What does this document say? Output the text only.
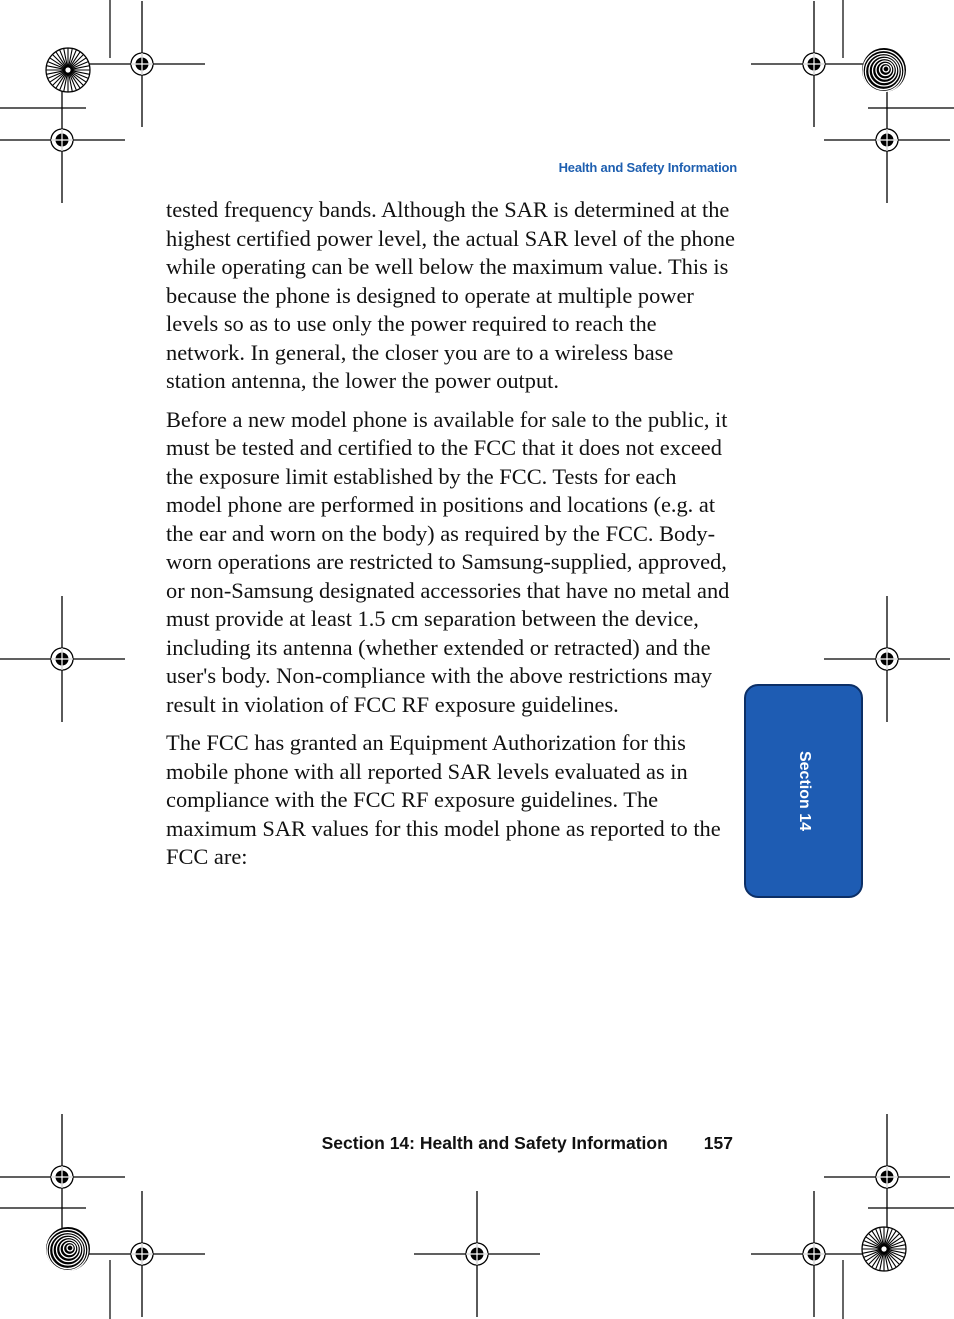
Health and Safety Information

tested frequency bands. Although the SAR is determined at the highest certified power level, the actual SAR level of the phone while operating can be well below the maximum value. This is because the phone is designed to operate at multiple power levels so as to use only the power required to reach the network. In general, the closer you are to a wireless base station antenna, the lower the power output.

Before a new model phone is available for sale to the public, it must be tested and certified to the FCC that it does not exceed the exposure limit established by the FCC. Tests for each model phone are performed in positions and locations (e.g. at the ear and worn on the body) as required by the FCC. Body-worn operations are restricted to Samsung-supplied, approved, or non-Samsung designated accessories that have no metal and must provide at least 1.5 cm separation between the device, including its antenna (whether extended or retracted) and the user's body. Non-compliance with the above restrictions may result in violation of FCC RF exposure guidelines.

The FCC has granted an Equipment Authorization for this mobile phone with all reported SAR levels evaluated as in compliance with the FCC RF exposure guidelines. The maximum SAR values for this model phone as reported to the FCC are:

Section 14
Section 14: Health and Safety Information 157
